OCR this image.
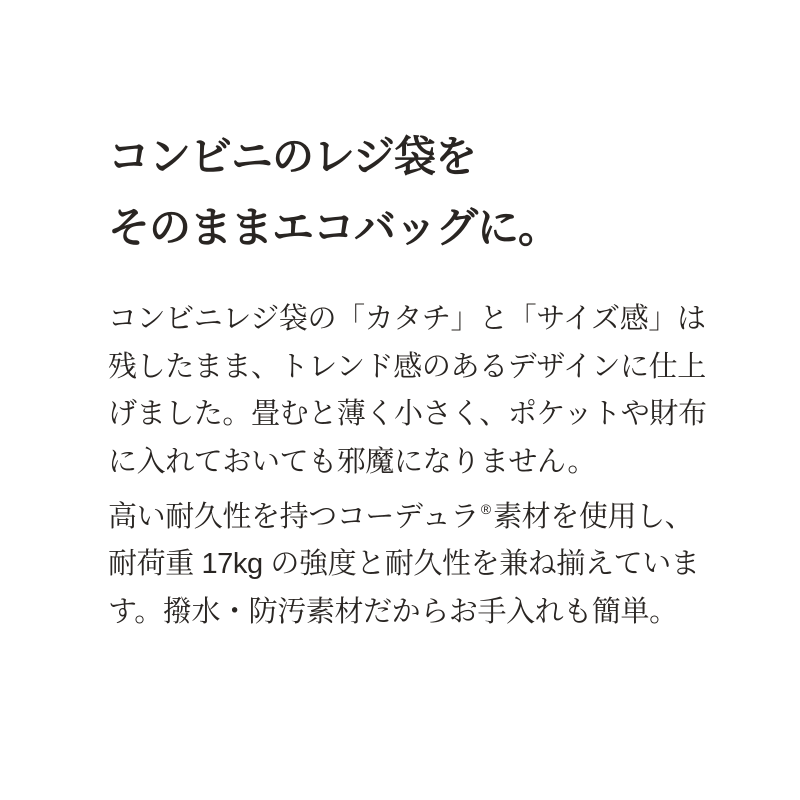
コンビニのレジ袋を
そのままエコバッグに。

コンビニレジ袋の「カタチ」と「サイズ感」は
残したまま、トレンド感のあるデザインに仕上
げました。畳むと薄く小さく、ポケットや財布
に入れておいても邪魔になりません。
高い耐久性を持つコーデュラ ®素材を使用し、
耐荷重 17kg の強度と耐久性を兼ね揃えていま
す。撥水・防汚素材だからお手入れも簡単。
